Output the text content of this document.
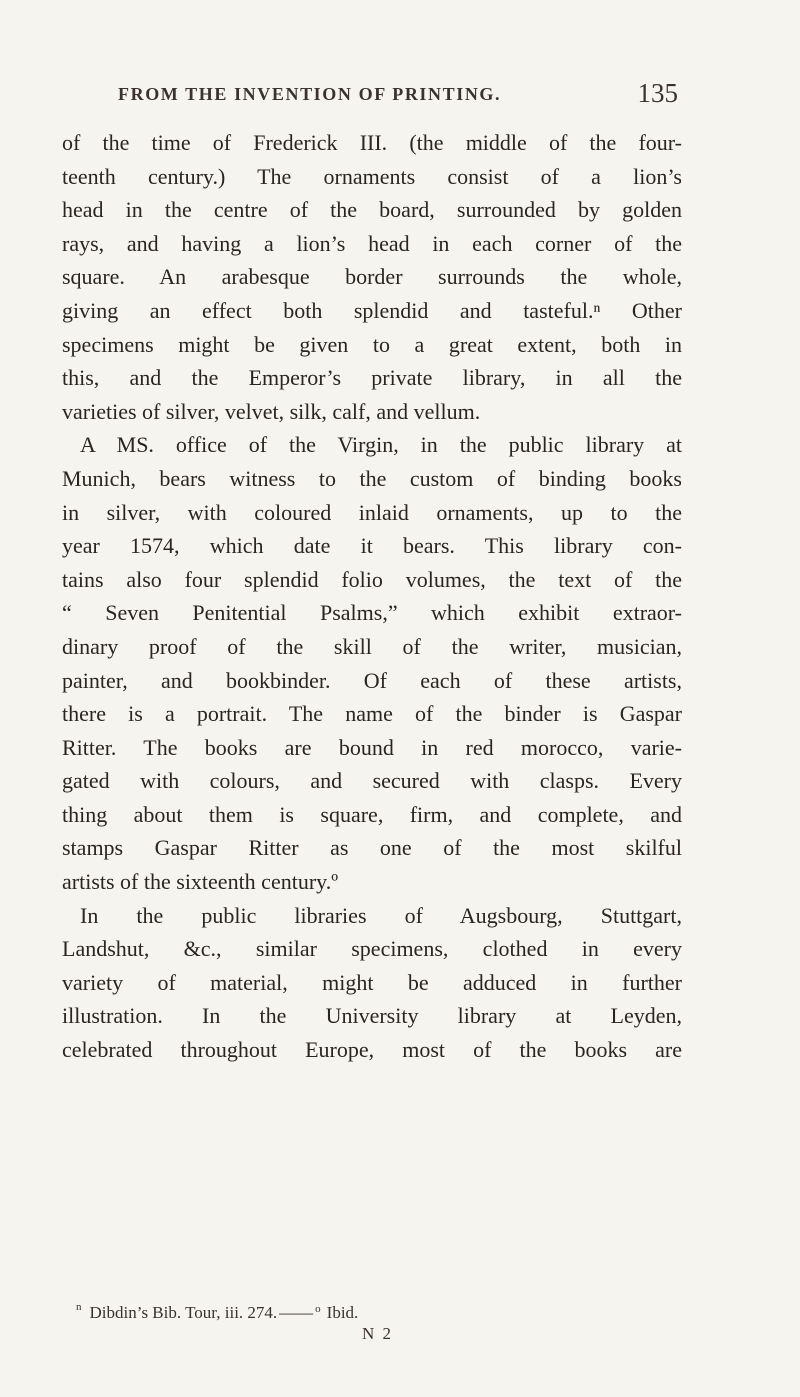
FROM THE INVENTION OF PRINTING.	135
of the time of Frederick III. (the middle of the four-
teenth century.) The ornaments consist of a lion’s
head in the centre of the board, surrounded by golden
rays, and having a lion’s head in each corner of the
square. An arabesque border surrounds the whole,
giving an effect both splendid and tasteful.ⁿ Other
specimens might be given to a great extent, both in
this, and the Emperor’s private library, in all the
varieties of silver, velvet, silk, calf, and vellum.
A MS. office of the Virgin, in the public library at
Munich, bears witness to the custom of binding books
in silver, with coloured inlaid ornaments, up to the
year 1574, which date it bears. This library con-
tains also four splendid folio volumes, the text of the
“ Seven Penitential Psalms,” which exhibit extraor-
dinary proof of the skill of the writer, musician,
painter, and bookbinder. Of each of these artists,
there is a portrait. The name of the binder is Gaspar
Ritter. The books are bound in red morocco, varie-
gated with colours, and secured with clasps. Every
thing about them is square, firm, and complete, and
stamps Gaspar Ritter as one of the most skilful
artists of the sixteenth century.º
In the public libraries of Augsbourg, Stuttgart,
Landshut, &c., similar specimens, clothed in every
variety of material, might be adduced in further
illustration. In the University library at Leyden,
celebrated throughout Europe, most of the books are
$^n$ Dibdin’s Bib. Tour, iii. 274. —— $^o$ Ibid.
N 2
